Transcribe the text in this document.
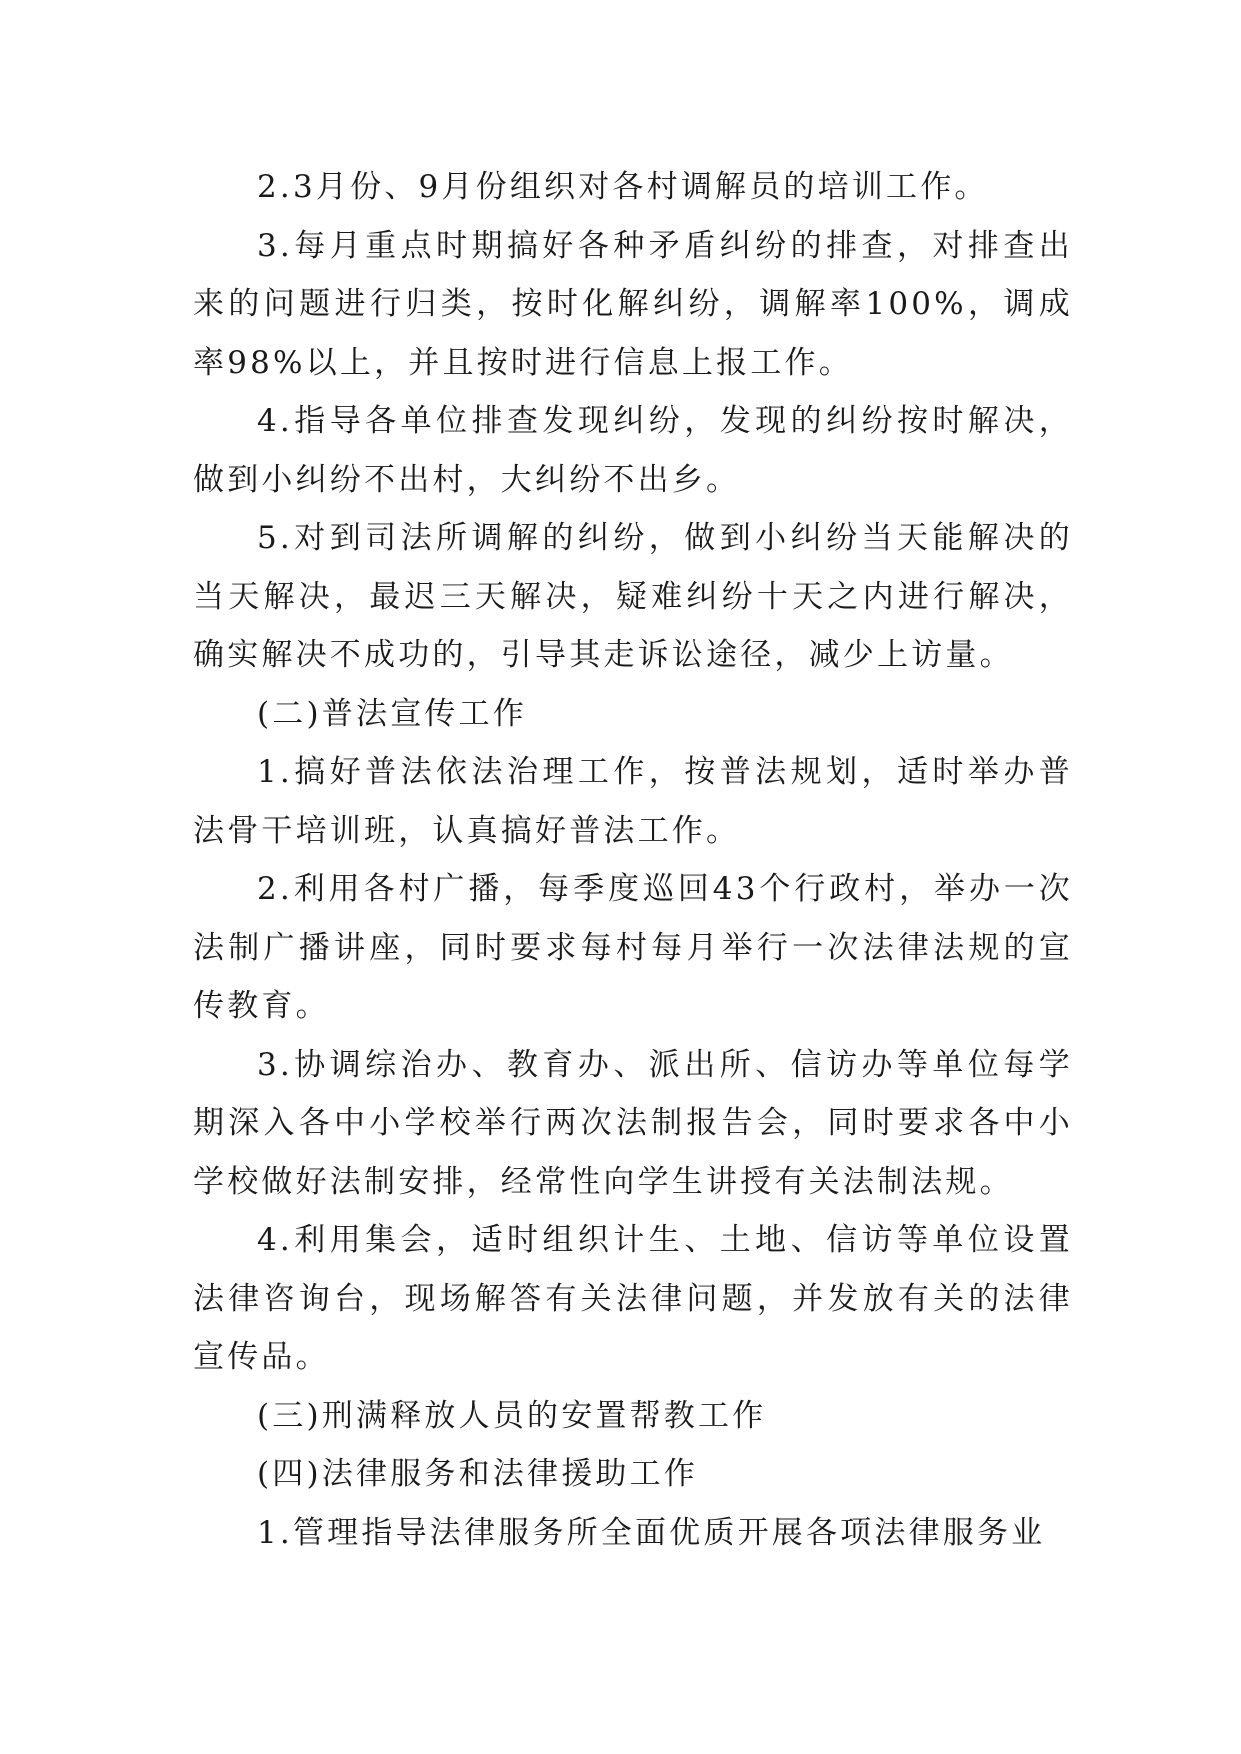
2.3月份、9月份组织对各村调解员的培训工作。

3.每月重点时期搞好各种矛盾纠纷的排查，对排查出来的问题进行归类，按时化解纠纷，调解率100%，调成率98%以上，并且按时进行信息上报工作。

4.指导各单位排查发现纠纷，发现的纠纷按时解决，做到小纠纷不出村，大纠纷不出乡。

5.对到司法所调解的纠纷，做到小纠纷当天能解决的当天解决，最迟三天解决，疑难纠纷十天之内进行解决，确实解决不成功的，引导其走诉讼途径，减少上访量。

(二)普法宣传工作

1.搞好普法依法治理工作，按普法规划，适时举办普法骨干培训班，认真搞好普法工作。

2.利用各村广播，每季度巡回43个行政村，举办一次法制广播讲座，同时要求每村每月举行一次法律法规的宣传教育。

3.协调综治办、教育办、派出所、信访办等单位每学期深入各中小学校举行两次法制报告会，同时要求各中小学校做好法制安排，经常性向学生讲授有关法制法规。

4.利用集会，适时组织计生、土地、信访等单位设置法律咨询台，现场解答有关法律问题，并发放有关的法律宣传品。

(三)刑满释放人员的安置帮教工作

(四)法律服务和法律援助工作

1.管理指导法律服务所全面优质开展各项法律服务业
